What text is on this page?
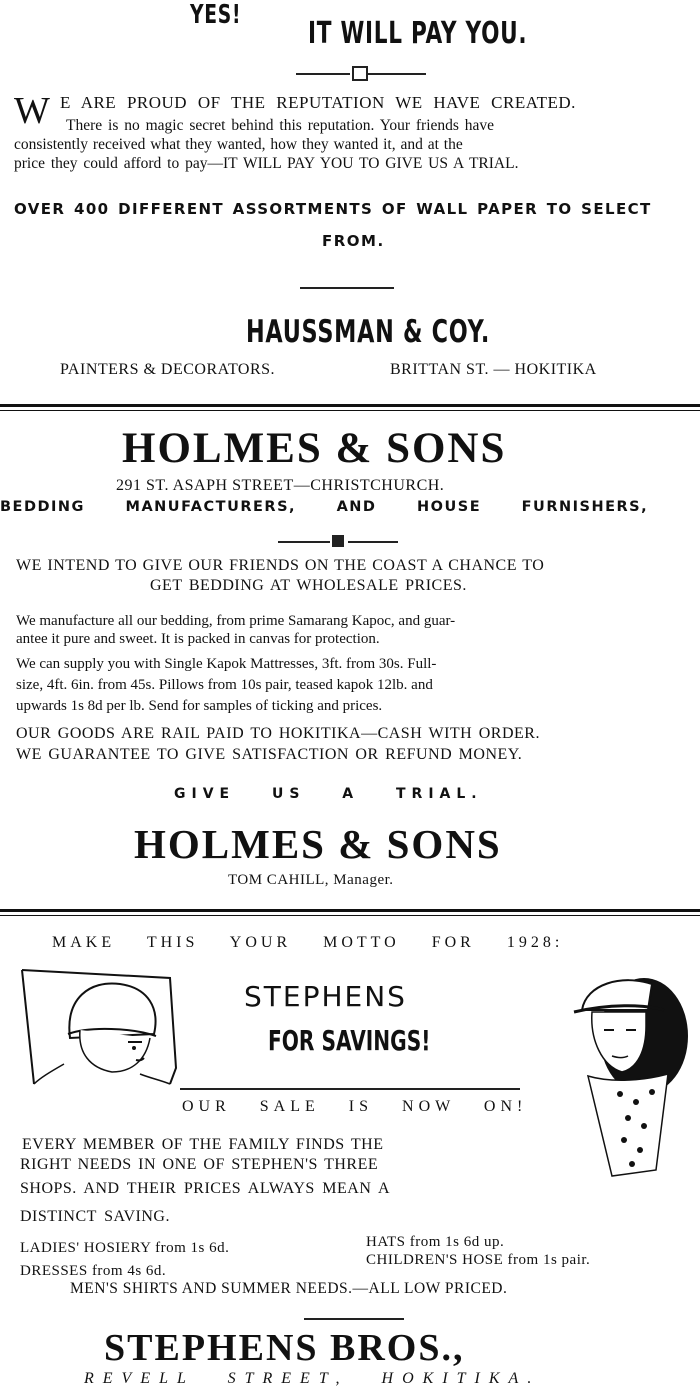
YES!
IT WILL PAY YOU.
W E ARE PROUD OF THE REPUTATION WE HAVE CREATED.
There is no magic secret behind this reputation. Your friends have
consistently received what they wanted, how they wanted it, and at the
price they could afford to pay—IT WILL PAY YOU TO GIVE US A TRIAL.
OVER 400 DIFFERENT ASSORTMENTS OF WALL PAPER TO SELECT
FROM.
HAUSSMAN & COY.
PAINTERS & DECORATORS.	BRITTAN ST. — HOKITIKA
HOLMES & SONS
291 ST. ASAPH STREET—CHRISTCHURCH.
BEDDING MANUFACTURERS, AND HOUSE FURNISHERS,
WE INTEND TO GIVE OUR FRIENDS ON THE COAST A CHANCE TO
GET BEDDING AT WHOLESALE PRICES.
We manufacture all our bedding, from prime Samarang Kapoc, and guar-
antee it pure and sweet. It is packed in canvas for protection.
We can supply you with Single Kapok Mattresses, 3ft. from 30s. Full-
size, 4ft. 6in. from 45s. Pillows from 10s pair, teased kapok 12lb. and
upwards 1s 8d per lb. Send for samples of ticking and prices.
OUR GOODS ARE RAIL PAID TO HOKITIKA—CASH WITH ORDER.
WE GUARANTEE TO GIVE SATISFACTION OR REFUND MONEY.
GIVE US A TRIAL.
HOLMES & SONS
TOM CAHILL, Manager.
MAKE THIS YOUR MOTTO FOR 1928:
STEPHENS
FOR SAVINGS!
OUR SALE IS NOW ON!
EVERY MEMBER OF THE FAMILY FINDS THE
RIGHT NEEDS IN ONE OF STEPHEN'S THREE
SHOPS. AND THEIR PRICES ALWAYS MEAN A
DISTINCT SAVING.
LADIES' HOSIERY from 1s 6d.
DRESSES from 4s 6d.
HATS from 1s 6d up.
CHILDREN'S HOSE from 1s pair.
MEN'S SHIRTS AND SUMMER NEEDS.—ALL LOW PRICED.
STEPHENS BROS.,
REVELL STREET, HOKITIKA.
